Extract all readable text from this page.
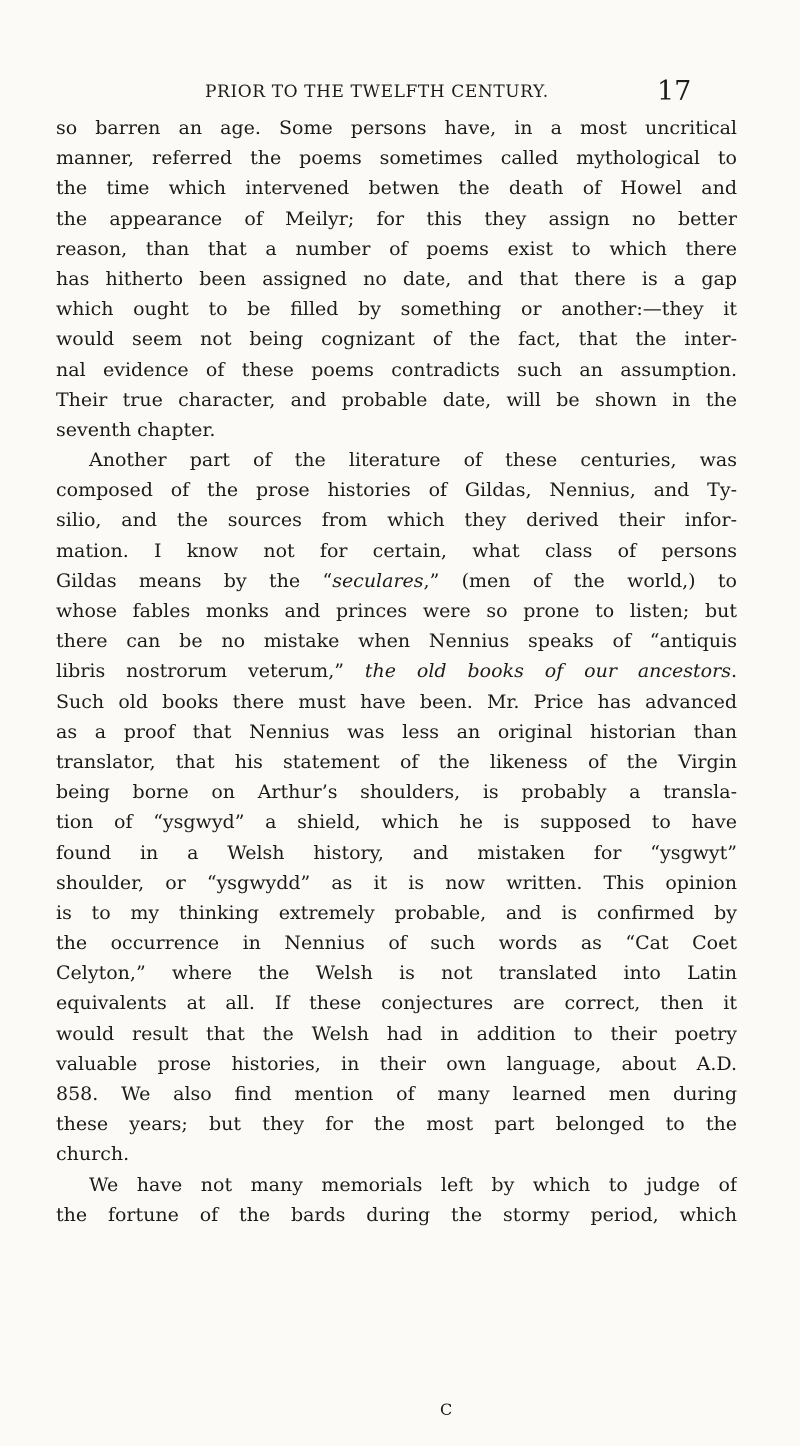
PRIOR TO THE TWELFTH CENTURY.	17
so barren an age. Some persons have, in a most uncritical
manner, referred the poems sometimes called mythological to
the time which intervened betwen the death of Howel and
the appearance of Meilyr; for this they assign no better
reason, than that a number of poems exist to which there
has hitherto been assigned no date, and that there is a gap
which ought to be filled by something or another:—they it
would seem not being cognizant of the fact, that the inter-
nal evidence of these poems contradicts such an assumption.
Their true character, and probable date, will be shown in the
seventh chapter.
Another part of the literature of these centuries, was
composed of the prose histories of Gildas, Nennius, and Ty-
silio, and the sources from which they derived their infor-
mation. I know not for certain, what class of persons
Gildas means by the “seculares,” (men of the world,) to
whose fables monks and princes were so prone to listen; but
there can be no mistake when Nennius speaks of “antiquis
libris nostrorum veterum,” the old books of our ancestors.
Such old books there must have been. Mr. Price has advanced
as a proof that Nennius was less an original historian than
translator, that his statement of the likeness of the Virgin
being borne on Arthur’s shoulders, is probably a transla-
tion of “ysgwyd” a shield, which he is supposed to have
found in a Welsh history, and mistaken for “ysgwyt”
shoulder, or “ysgwydd” as it is now written. This opinion
is to my thinking extremely probable, and is confirmed by
the occurrence in Nennius of such words as “Cat Coet
Celyton,” where the Welsh is not translated into Latin
equivalents at all. If these conjectures are correct, then it
would result that the Welsh had in addition to their poetry
valuable prose histories, in their own language, about A.D.
858. We also find mention of many learned men during
these years; but they for the most part belonged to the
church.
We have not many memorials left by which to judge of
the fortune of the bards during the stormy period, which
C
